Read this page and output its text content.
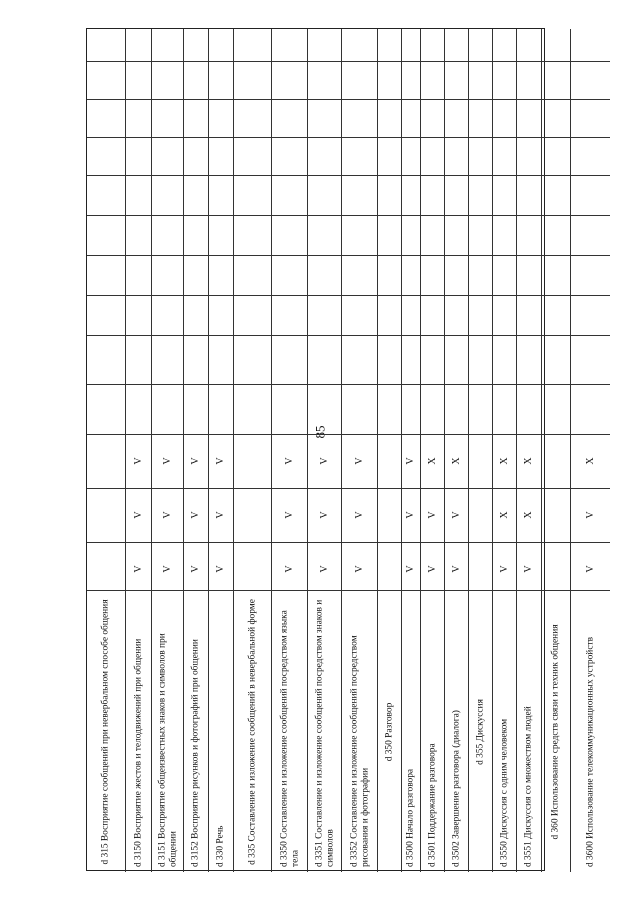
85
d 315 Восприятие сообщений при невербальном способе общения
V
V
V
d 3150 Восприятие жестов и телодвижений при общении
V
V
V
d 3151 Восприятие общеизвестных знаков и символов при общении
V
V
V
d 3152 Восприятие рисунков и фотографий при общении
V
V
V
d 330 Речь d 335 Составление и изложение сообщений в невербальной форме
V
V
V
d 3350 Составление и изложение сообщений посредством языка тела
V
V
V
d 3351 Составление и изложение сообщений посредством знаков и символов
V
V
V
d 3352 Составление и изложение сообщений посредством рисования и фотографии
d 350 Разговор
V
V
V
d 3500 Начало разговора
X
V
V
d 3501 Поддержание разговора
X
V
V
d 3502 Завершение разговора (диалога) d 355 Дискуссия
X
X
V
d 3550 Дискуссия с одним человеком
X
X
V
d 3551 Дискуссия со множеством людей d 360 Использование средств связи и техник общения
X
V
V
d 3600 Использование телекоммуникационных устройств
